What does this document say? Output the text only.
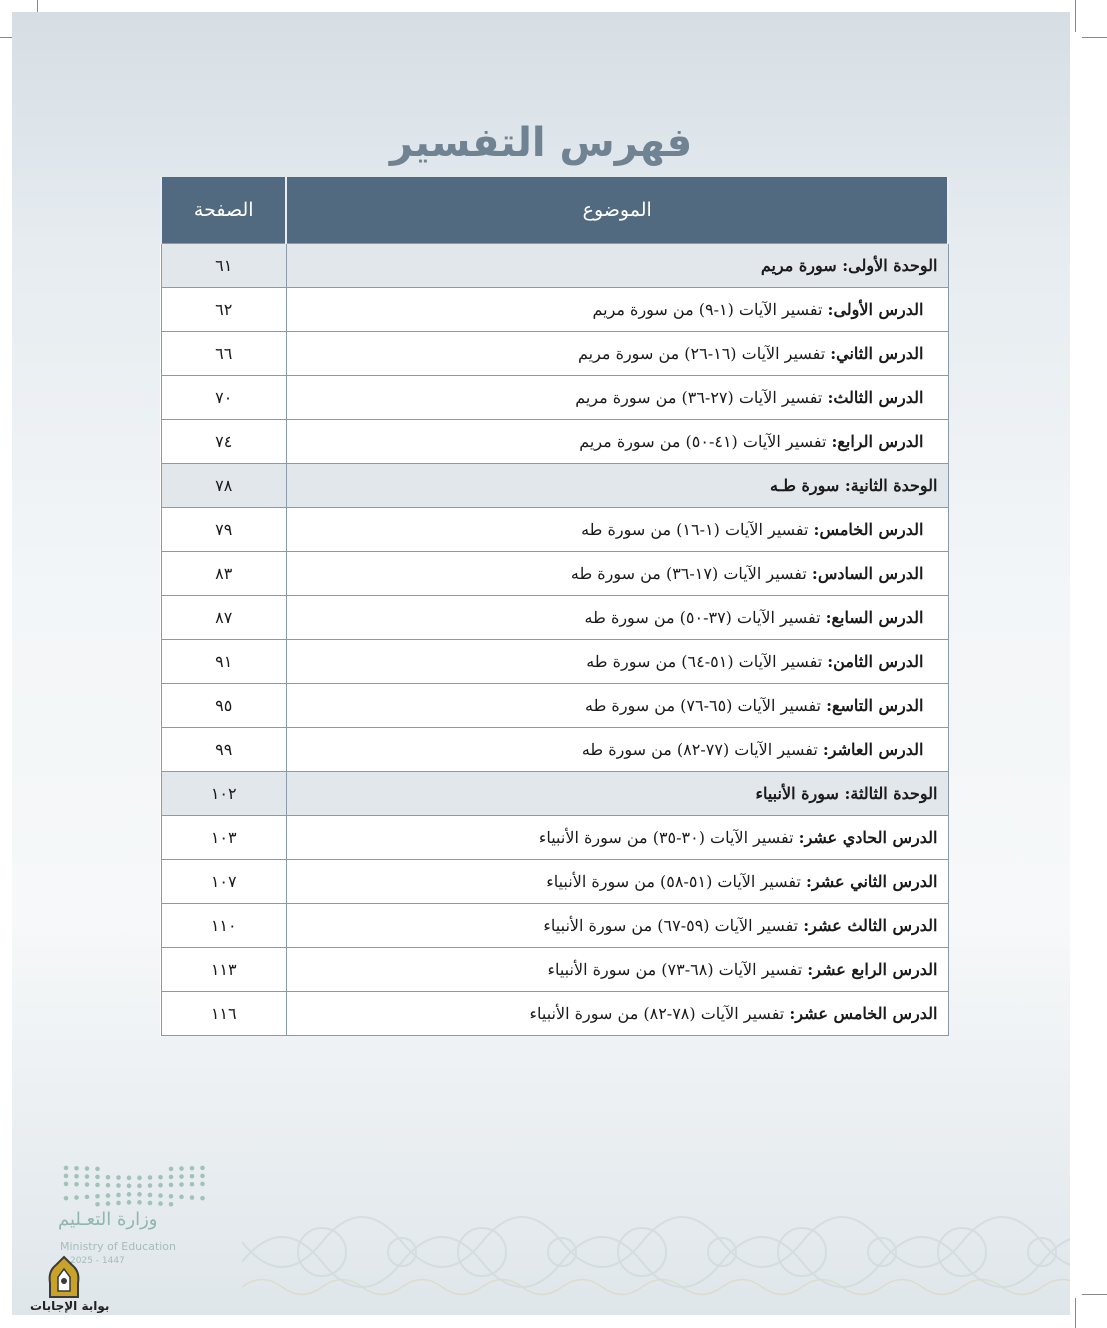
فهرس التفسير
الموضوع	الصفحة
الوحدة الأولى: سورة مريم	٦١
الدرس الأولى: تفسير الآيات (١-٩) من سورة مريم	٦٢
الدرس الثاني: تفسير الآيات (١٦-٢٦) من سورة مريم	٦٦
الدرس الثالث: تفسير الآيات (٢٧-٣٦) من سورة مريم	٧٠
الدرس الرابع: تفسير الآيات (٤١-٥٠) من سورة مريم	٧٤
الوحدة الثانية: سورة طـه	٧٨
الدرس الخامس: تفسير الآيات (١-١٦) من سورة طه	٧٩
الدرس السادس: تفسير الآيات (١٧-٣٦) من سورة طه	٨٣
الدرس السابع: تفسير الآيات (٣٧-٥٠) من سورة طه	٨٧
الدرس الثامن: تفسير الآيات (٥١-٦٤) من سورة طه	٩١
الدرس التاسع: تفسير الآيات (٦٥-٧٦) من سورة طه	٩٥
الدرس العاشر: تفسير الآيات (٧٧-٨٢) من سورة طه	٩٩
الوحدة الثالثة: سورة الأنبياء	١٠٢
الدرس الحادي عشر: تفسير الآيات (٣٠-٣٥) من سورة الأنبياء	١٠٣
الدرس الثاني عشر: تفسير الآيات (٥١-٥٨) من سورة الأنبياء	١٠٧
الدرس الثالث عشر: تفسير الآيات (٥٩-٦٧) من سورة الأنبياء	١١٠
الدرس الرابع عشر: تفسير الآيات (٦٨-٧٣) من سورة الأنبياء	١١٣
الدرس الخامس عشر: تفسير الآيات (٧٨-٨٢) من سورة الأنبياء	١١٦
وزارة التعـليم
Ministry of Education
2025 - 1447
بوابة الإجابات
